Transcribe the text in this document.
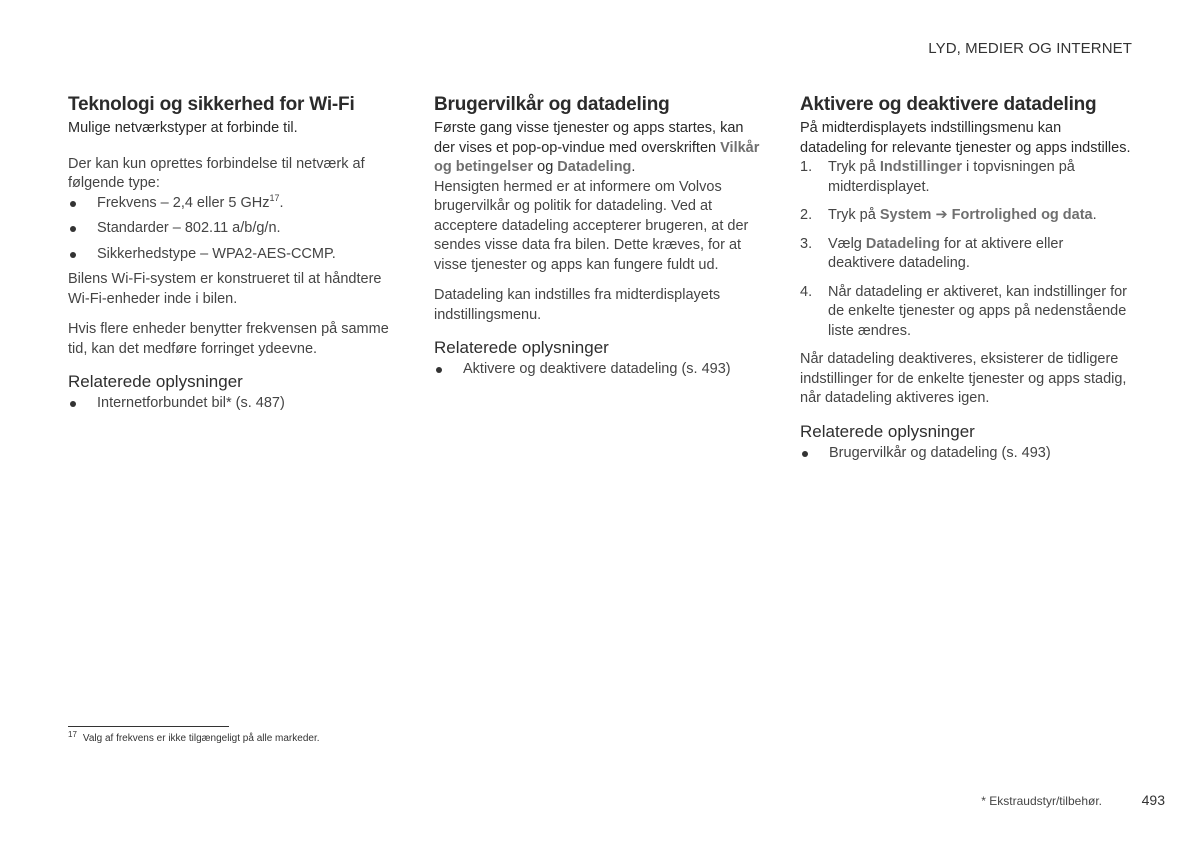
LYD, MEDIER OG INTERNET
Teknologi og sikkerhed for Wi-Fi

Mulige netværkstyper at forbinde til.

Der kan kun oprettes forbindelse til netværk af følgende type:

Frekvens – 2,4 eller 5 GHz$^{17}$.
Standarder – 802.11 a/b/g/n.
Sikkerhedstype – WPA2-AES-CCMP.

Bilens Wi-Fi-system er konstrueret til at håndtere Wi-Fi-enheder inde i bilen.

Hvis flere enheder benytter frekvensen på samme tid, kan det medføre forringet ydeevne.

Relaterede oplysninger
Internetforbundet bil* (s. 487)
Brugervilkår og datadeling

Første gang visse tjenester og apps startes, kan der vises et pop-op-vindue med overskriften Vilkår og betingelser og Datadeling.

Hensigten hermed er at informere om Volvos brugervilkår og politik for datadeling. Ved at acceptere datadeling accepterer brugeren, at der sendes visse data fra bilen. Dette kræves, for at visse tjenester og apps kan fungere fuldt ud.

Datadeling kan indstilles fra midterdisplayets indstillingsmenu.

Relaterede oplysninger
Aktivere og deaktivere datadeling (s. 493)
Aktivere og deaktivere datadeling

På midterdisplayets indstillingsmenu kan datadeling for relevante tjenester og apps indstilles.

1. Tryk på Indstillinger i topvisningen på midterdisplayet.
2. Tryk på System ➔ Fortrolighed og data.
3. Vælg Datadeling for at aktivere eller deaktivere datadeling.
4. Når datadeling er aktiveret, kan indstillinger for de enkelte tjenester og apps på nedenstående liste ændres.

Når datadeling deaktiveres, eksisterer de tidligere indstillinger for de enkelte tjenester og apps stadig, når datadeling aktiveres igen.

Relaterede oplysninger
Brugervilkår og datadeling (s. 493)
$^{17}$ Valg af frekvens er ikke tilgængeligt på alle markeder.
* Ekstraudstyr/tilbehør.	493
